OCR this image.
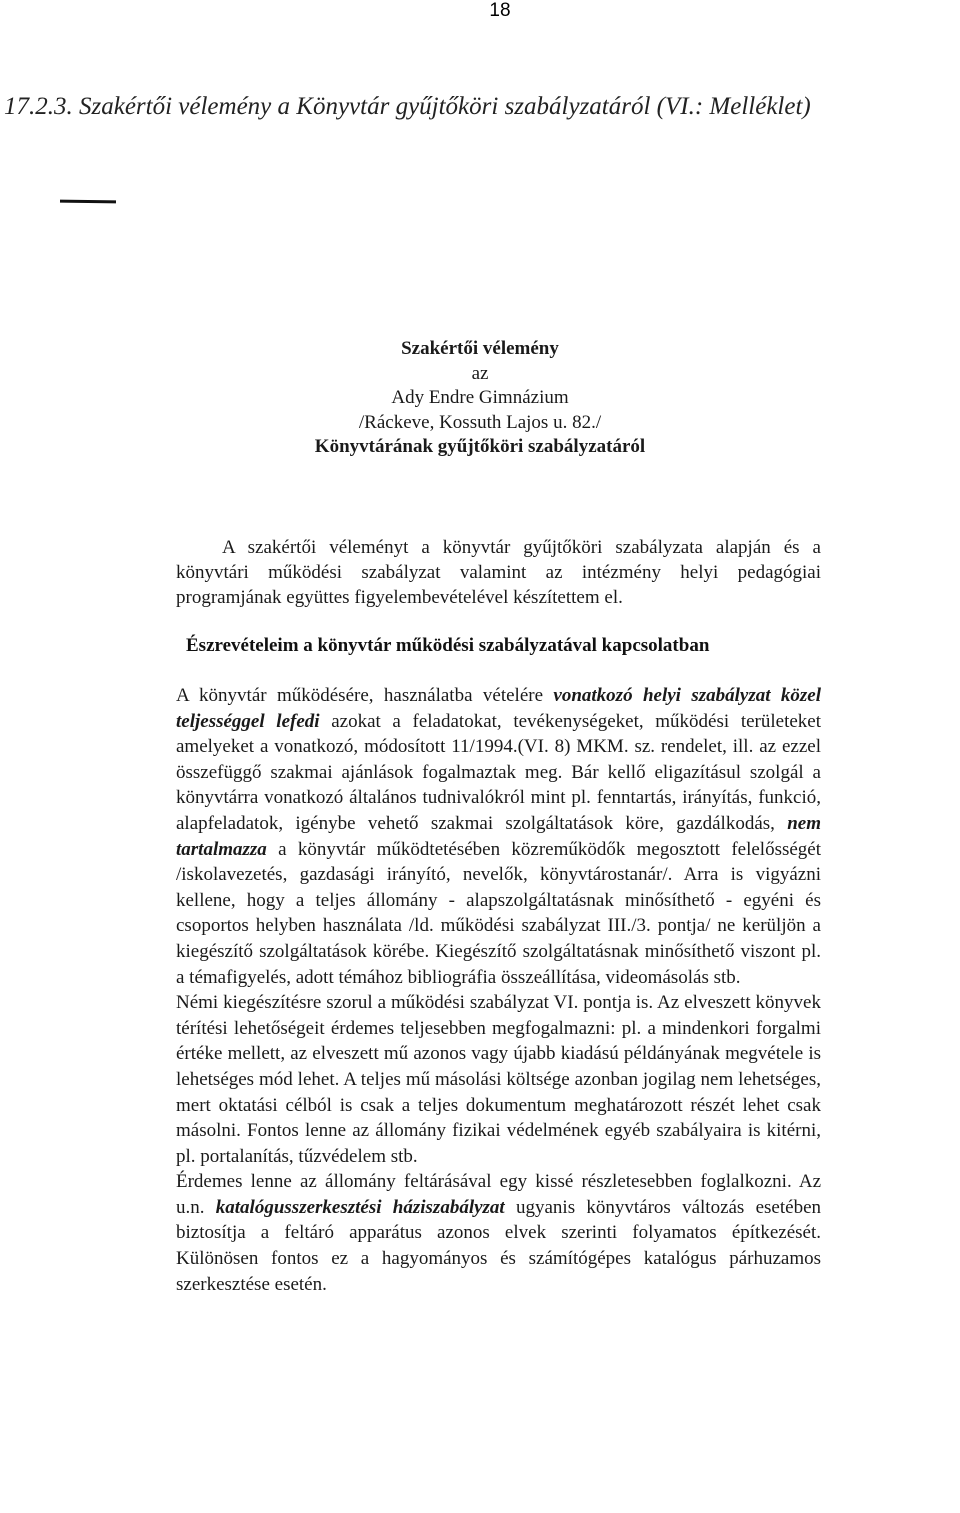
18
17.2.3. Szakértői vélemény a Könyvtár gyűjtőköri szabályzatáról (VI.: Melléklet)
Szakértői vélemény
az
Ady Endre Gimnázium
/Ráckeve, Kossuth Lajos u. 82./
Könyvtárának gyűjtőköri szabályzatáról
A szakértői véleményt a könyvtár gyűjtőköri szabályzata alapján és a könyvtári működési szabályzat valamint az intézmény helyi pedagógiai programjának együttes figyelembevételével készítettem el.
Észrevételeim a könyvtár működési szabályzatával kapcsolatban

A könyvtár működésére, használatba vételére vonatkozó helyi szabályzat közel teljességgel lefedi azokat a feladatokat, tevékenységeket, működési területeket amelyeket a vonatkozó, módosított 11/1994.(VI. 8) MKM. sz. rendelet, ill. az ezzel összefüggő szakmai ajánlások fogalmaztak meg. Bár kellő eligazításul szolgál a könyvtárra vonatkozó általános tudnivalókról mint pl. fenntartás, irányítás, funkció, alapfeladatok, igénybe vehető szakmai szolgáltatások köre, gazdálkodás, nem tartalmazza a könyvtár működtetésében közreműködők megosztott felelősségét /iskolavezetés, gazdasági irányító, nevelők, könyvtárostanár/. Arra is vigyázni kellene, hogy a teljes állomány - alapszolgáltatásnak minősíthető - egyéni és csoportos helyben használata /ld. működési szabályzat III./3. pontja/ ne kerüljön a kiegészítő szolgáltatások körébe. Kiegészítő szolgáltatásnak minősíthető viszont pl. a témafigyelés, adott témához bibliográfia összeállítása, videomásolás stb.

Némi kiegészítésre szorul a működési szabályzat VI. pontja is. Az elveszett könyvek térítési lehetőségeit érdemes teljesebben megfogalmazni: pl. a mindenkori forgalmi értéke mellett, az elveszett mű azonos vagy újabb kiadású példányának megvétele is lehetséges mód lehet. A teljes mű másolási költsége azonban jogilag nem lehetséges, mert oktatási célból is csak a teljes dokumentum meghatározott részét lehet csak másolni. Fontos lenne az állomány fizikai védelmének egyéb szabályaira is kitérni, pl. portalanítás, tűzvédelem stb.

Érdemes lenne az állomány feltárásával egy kissé részletesebben foglalkozni. Az u.n. katalógusszerkesztési háziszabályzat ugyanis könyvtáros változás esetében biztosítja a feltáró apparátus azonos elvek szerinti folyamatos építkezését. Különösen fontos ez a hagyományos és számítógépes katalógus párhuzamos szerkesztése esetén.
